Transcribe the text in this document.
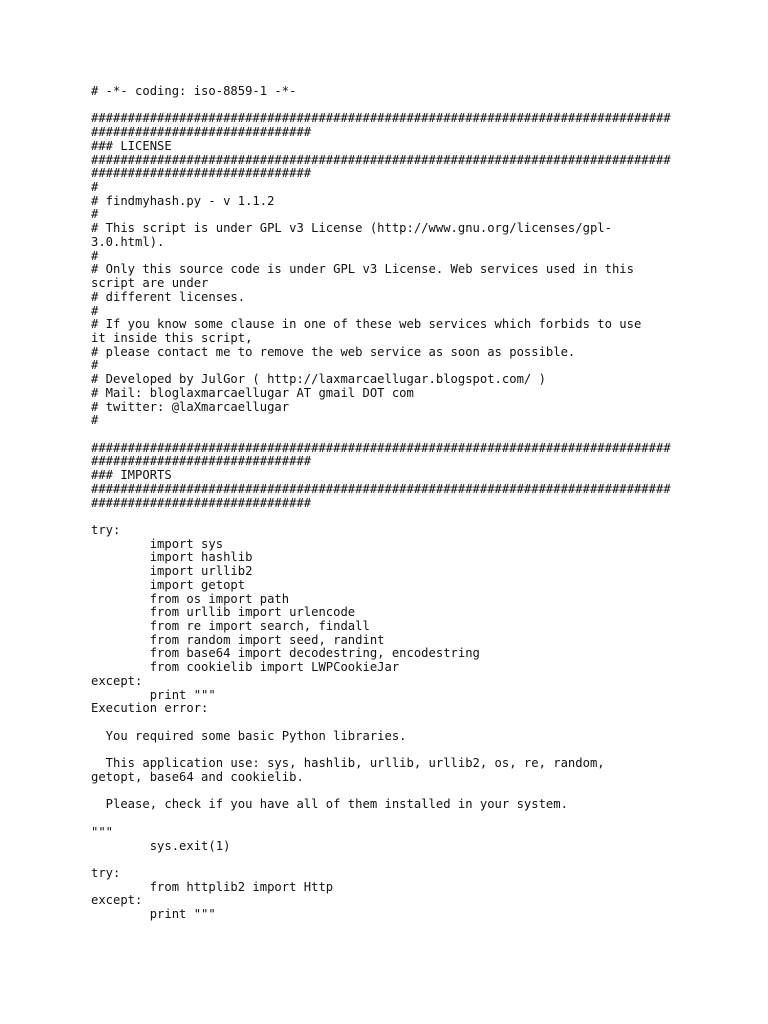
# -*- coding: iso-8859-1 -*-
###############################################################################
##############################
### LICENSE
###############################################################################
##############################
#
# findmyhash.py - v 1.1.2
#
# This script is under GPL v3 License (http://www.gnu.org/licenses/gpl-
3.0.html).
#
# Only this source code is under GPL v3 License. Web services used in this
script are under
# different licenses.
#
# If you know some clause in one of these web services which forbids to use
it inside this script,
# please contact me to remove the web service as soon as possible.
#
# Developed by JulGor ( http://laxmarcaellugar.blogspot.com/ )
# Mail: bloglaxmarcaellugar AT gmail DOT com
# twitter: @laXmarcaellugar
#
###############################################################################
##############################
### IMPORTS
###############################################################################
##############################
try:
import sys
import hashlib
import urllib2
import getopt
from os import path
from urllib import urlencode
from re import search, findall
from random import seed, randint
from base64 import decodestring, encodestring
from cookielib import LWPCookieJar
except:
print """
Execution error:
You required some basic Python libraries.
This application use: sys, hashlib, urllib, urllib2, os, re, random,
getopt, base64 and cookielib.
Please, check if you have all of them installed in your system.
"""
sys.exit(1)
try:
from httplib2 import Http
except:
print """
